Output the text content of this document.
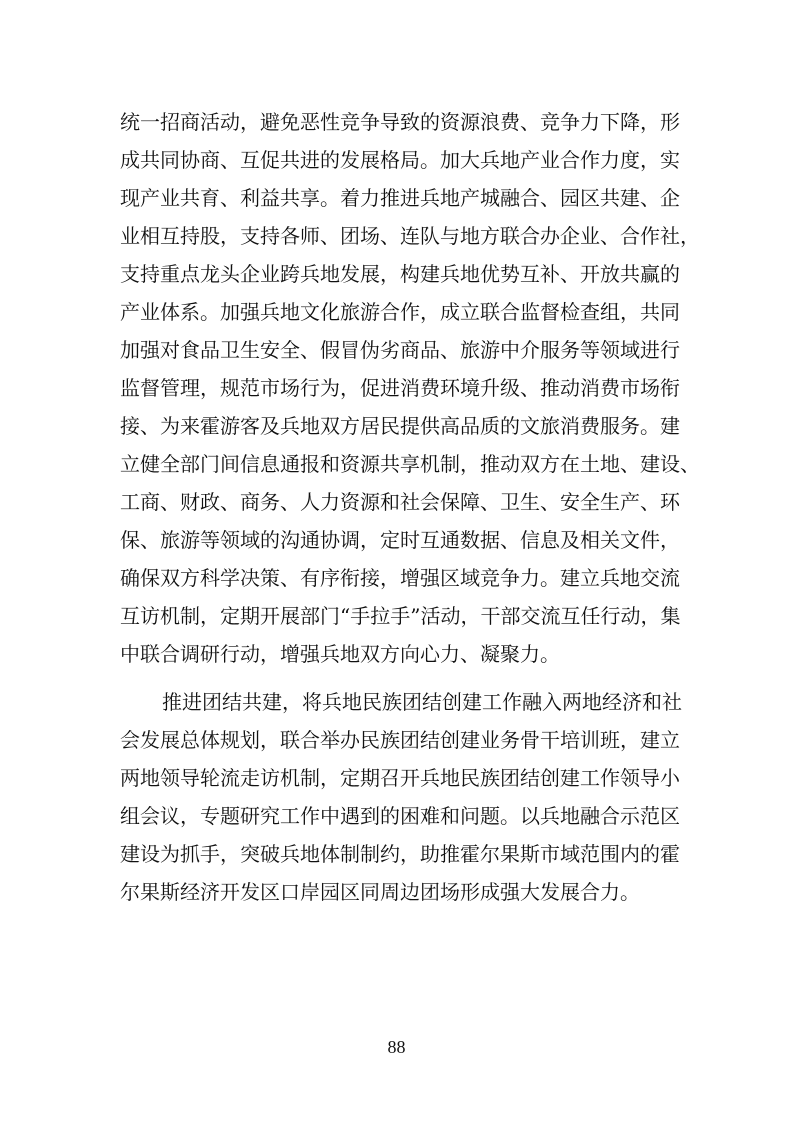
统一招商活动，避免恶性竞争导致的资源浪费、竞争力下降，形
成共同协商、互促共进的发展格局。加大兵地产业合作力度，实
现产业共育、利益共享。着力推进兵地产城融合、园区共建、企
业相互持股，支持各师、团场、连队与地方联合办企业、合作社，
支持重点龙头企业跨兵地发展，构建兵地优势互补、开放共赢的
产业体系。加强兵地文化旅游合作，成立联合监督检查组，共同
加强对食品卫生安全、假冒伪劣商品、旅游中介服务等领域进行
监督管理，规范市场行为，促进消费环境升级、推动消费市场衔
接、为来霍游客及兵地双方居民提供高品质的文旅消费服务。建
立健全部门间信息通报和资源共享机制，推动双方在土地、建设、
工商、财政、商务、人力资源和社会保障、卫生、安全生产、环
保、旅游等领域的沟通协调，定时互通数据、信息及相关文件，
确保双方科学决策、有序衔接，增强区域竞争力。建立兵地交流
互访机制，定期开展部门“手拉手”活动，干部交流互任行动，集
中联合调研行动，增强兵地双方向心力、凝聚力。
推进团结共建，将兵地民族团结创建工作融入两地经济和社
会发展总体规划，联合举办民族团结创建业务骨干培训班，建立
两地领导轮流走访机制，定期召开兵地民族团结创建工作领导小
组会议，专题研究工作中遇到的困难和问题。以兵地融合示范区
建设为抓手，突破兵地体制制约，助推霍尔果斯市域范围内的霍
尔果斯经济开发区口岸园区同周边团场形成强大发展合力。
88
